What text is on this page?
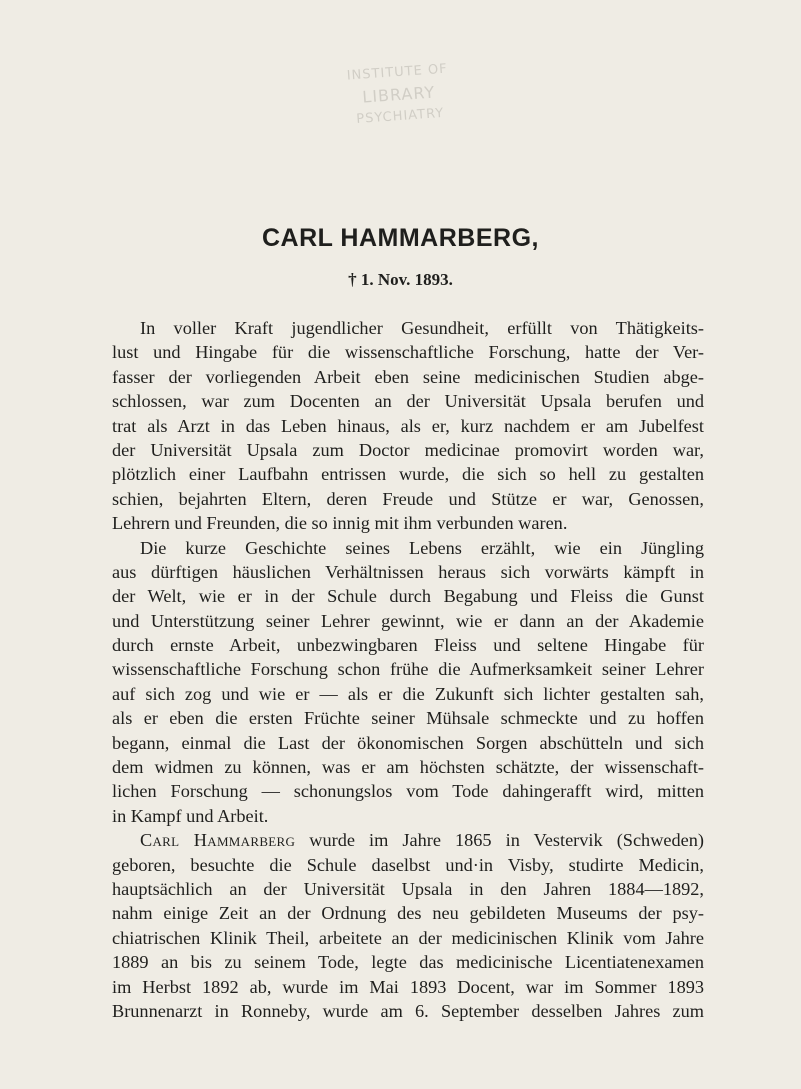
INSTITUTE OF
LIBRARY
PSYCHIATRY
CARL HAMMARBERG,
† 1. Nov. 1893.
In voller Kraft jugendlicher Gesundheit, erfüllt von Thätigkeits-
lust und Hingabe für die wissenschaftliche Forschung, hatte der Ver-
fasser der vorliegenden Arbeit eben seine medicinischen Studien abge-
schlossen, war zum Docenten an der Universität Upsala berufen und
trat als Arzt in das Leben hinaus, als er, kurz nachdem er am Jubelfest
der Universität Upsala zum Doctor medicinae promovirt worden war,
plötzlich einer Laufbahn entrissen wurde, die sich so hell zu gestalten
schien, bejahrten Eltern, deren Freude und Stütze er war, Genossen,
Lehrern und Freunden, die so innig mit ihm verbunden waren.
Die kurze Geschichte seines Lebens erzählt, wie ein Jüngling
aus dürftigen häuslichen Verhältnissen heraus sich vorwärts kämpft in
der Welt, wie er in der Schule durch Begabung und Fleiss die Gunst
und Unterstützung seiner Lehrer gewinnt, wie er dann an der Akademie
durch ernste Arbeit, unbezwingbaren Fleiss und seltene Hingabe für
wissenschaftliche Forschung schon frühe die Aufmerksamkeit seiner Lehrer
auf sich zog und wie er — als er die Zukunft sich lichter gestalten sah,
als er eben die ersten Früchte seiner Mühsale schmeckte und zu hoffen
begann, einmal die Last der ökonomischen Sorgen abschütteln und sich
dem widmen zu können, was er am höchsten schätzte, der wissenschaft-
lichen Forschung — schonungslos vom Tode dahingerafft wird, mitten
in Kampf und Arbeit.
Carl Hammarberg wurde im Jahre 1865 in Vestervik (Schweden)
geboren, besuchte die Schule daselbst und·in Visby, studirte Medicin,
hauptsächlich an der Universität Upsala in den Jahren 1884—1892,
nahm einige Zeit an der Ordnung des neu gebildeten Museums der psy-
chiatrischen Klinik Theil, arbeitete an der medicinischen Klinik vom Jahre
1889 an bis zu seinem Tode, legte das medicinische Licentiatenexamen
im Herbst 1892 ab, wurde im Mai 1893 Docent, war im Sommer 1893
Brunnenarzt in Ronneby, wurde am 6. September desselben Jahres zum
